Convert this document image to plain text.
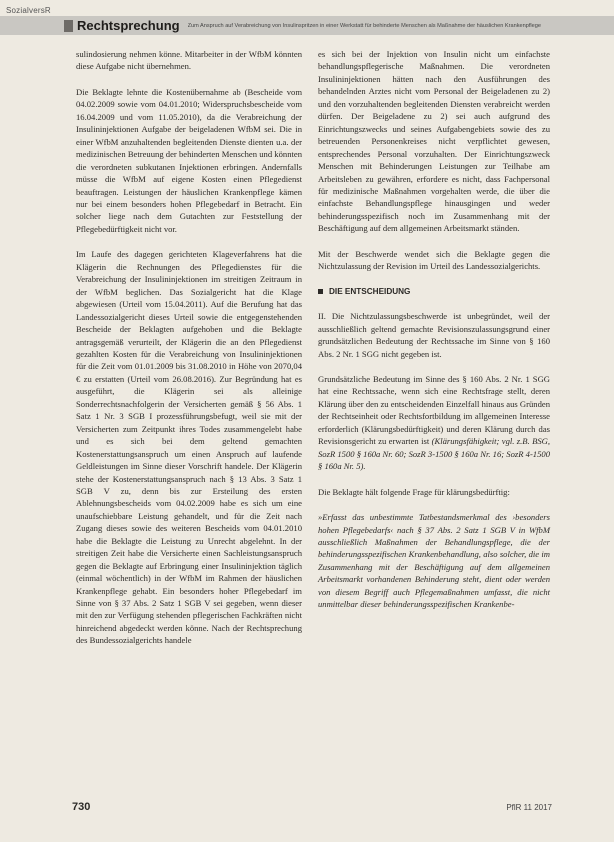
SozialversR
Rechtsprechung Zum Anspruch auf Verabreichung von Insulinspritzen in einer Werkstatt für behinderte Menschen als Maßnahme der häuslichen Krankenpflege

sulindosierung nehmen könne. Mitarbeiter in der WfbM könnten diese Aufgabe nicht übernehmen.

Die Beklagte lehnte die Kostenübernahme ab (Bescheide vom 04.02.2009 sowie vom 04.01.2010; Widerspruchsbescheide vom 16.04.2009 und vom 11.05.2010), da die Verabreichung der Insulininjektionen Aufgabe der beigeladenen WfbM sei. Die in einer WfbM anzuhaltenden begleitenden Dienste dienten u.a. der medizinischen Betreuung der behinderten Menschen und könnten die verordneten subkutanen Injektionen erbringen. Andernfalls müsse die WfbM auf eigene Kosten einen Pflegedienst beauftragen. Leistungen der häuslichen Krankenpflege kämen nur bei einem besonders hohen Pflegebedarf in Betracht. Ein solcher liege nach dem Gutachten zur Feststellung der Pflegebedürftigkeit nicht vor.

Im Laufe des dagegen gerichteten Klageverfahrens hat die Klägerin die Rechnungen des Pflegedienstes für die Verabreichung der Insulininjektionen im streitigen Zeitraum in der WfbM beglichen. Das Sozialgericht hat die Klage abgewiesen (Urteil vom 15.04.2011). Auf die Berufung hat das Landessozialgericht dieses Urteil sowie die entgegenstehenden Bescheide der Beklagten aufgehoben und die Beklagte antragsgemäß verurteilt, der Klägerin die an den Pflegedienst gezahlten Kosten für die Verabreichung von Insulininjektionen für die Zeit vom 01.01.2009 bis 31.08.2010 in Höhe von 2070,04 € zu erstatten (Urteil vom 26.08.2016). Zur Begründung hat es ausgeführt, die Klägerin sei als alleinige Sonderrechtsnachfolgerin der Versicherten gemäß § 56 Abs. 1 Satz 1 Nr. 3 SGB I prozessführungsbefugt, weil sie mit der Versicherten zum Zeitpunkt ihres Todes zusammengelebt habe und es sich bei dem geltend gemachten Kostenerstattungsanspruch um einen Anspruch auf laufende Geldleistungen im Sinne dieser Vorschrift handele. Der Klägerin stehe der Kostenerstattungsanspruch nach § 13 Abs. 3 Satz 1 SGB V zu, denn bis zur Ersteilung des ersten Ablehnungsbescheids vom 04.02.2009 habe es sich um eine unaufschiebbare Leistung gehandelt, und für die Zeit nach Zugang dieses sowie des weiteren Bescheids vom 04.01.2010 habe die Beklagte die Leistung zu Unrecht abgelehnt. In der streitigen Zeit habe die Versicherte einen Sachleistungsanspruch gegen die Beklagte auf Erbringung einer Insulininjektion täglich (einmal wöchentlich) in der WfbM im Rahmen der häuslichen Krankenpflege gehabt. Ein besonders hoher Pflegebedarf im Sinne von § 37 Abs. 2 Satz 1 SGB V sei gegeben, wenn dieser mit den zur Verfügung stehenden pflegerischen Fachkräften nicht hinreichend abgedeckt werden könne. Nach der Rechtsprechung des Bundessozialgerichts handele

es sich bei der Injektion von Insulin nicht um einfachste behandlungspflegerische Maßnahmen. Die verordneten Insulininjektionen hätten nach den Ausführungen des behandelnden Arztes nicht vom Personal der Beigeladenen zu 2) und den vorzuhaltenden begleitenden Diensten verabreicht werden dürfen. Der Beigeladene zu 2) sei auch aufgrund des Einrichtungszwecks und seines Aufgabengebiets sowie des zu betreuenden Personenkreises nicht verpflichtet gewesen, entsprechendes Personal vorzuhalten. Der Einrichtungszweck Menschen mit Behinderungen Leistungen zur Teilhabe am Arbeitsleben zu gewähren, erfordere es nicht, dass Fachpersonal für medizinische Maßnahmen vorgehalten werde, die über die einfachste Behandlungspflege hinausgingen und weder behinderungsspezifisch noch im Zusammenhang mit der Beschäftigung auf dem allgemeinen Arbeitsmarkt ständen.

Mit der Beschwerde wendet sich die Beklagte gegen die Nichtzulassung der Revision im Urteil des Landessozialgerichts.

DIE ENTSCHEIDUNG

II. Die Nichtzulassungsbeschwerde ist unbegründet, weil der ausschließlich geltend gemachte Revisionszulassungsgrund einer grundsätzlichen Bedeutung der Rechtssache im Sinne von § 160 Abs. 2 Nr. 1 SGG nicht gegeben ist.

Grundsätzliche Bedeutung im Sinne des § 160 Abs. 2 Nr. 1 SGG hat eine Rechtssache, wenn sich eine Rechtsfrage stellt, deren Klärung über den zu entscheidenden Einzelfall hinaus aus Gründen der Rechtseinheit oder Rechtsfortbildung im allgemeinen Interesse erforderlich (Klärungsbedürftigkeit) und deren Klärung durch das Revisionsgericht zu erwarten ist (Klärungsfähigkeit; vgl. z.B. BSG, SozR 1500 § 160a Nr. 60; SozR 3-1500 § 160a Nr. 16; SozR 4-1500 § 160a Nr. 5).

Die Beklagte hält folgende Frage für klärungsbedürftig:

»Erfasst das unbestimmte Tatbestandsmerkmal des ›besonders hohen Pflegebedarfs‹ nach § 37 Abs. 2 Satz 1 SGB V in WfbM ausschließlich Maßnahmen der Behandlungspflege, die der behinderungsspezifischen Krankenbehandlung, also solcher, die im Zusammenhang mit der Beschäftigung auf dem allgemeinen Arbeitsmarkt vorhandenen Behinderung steht, dient oder werden von diesem Begriff auch Pflegemaßnahmen umfasst, die nicht unmittelbar dieser behinderungsspezifischen Krankenbe-

730	PflR 11 2017
